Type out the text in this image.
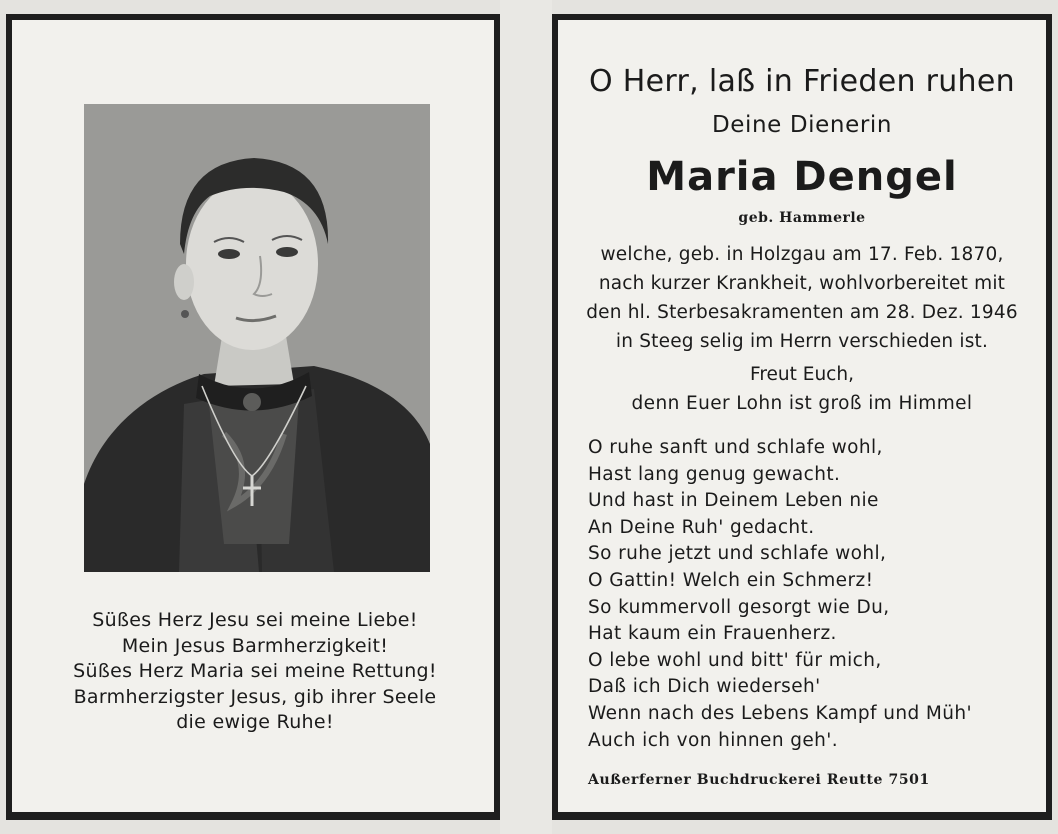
Süßes Herz Jesu sei meine Liebe!
Mein Jesus Barmherzigkeit!
Süßes Herz Maria sei meine Rettung!
Barmherzigster Jesus, gib ihrer Seele
die ewige Ruhe!
O Herr, laß in Frieden ruhen
Deine Dienerin
Maria Dengel
geb. Hammerle
welche, geb. in Holzgau am 17. Feb. 1870,
nach kurzer Krankheit, wohlvorbereitet mit
den hl. Sterbesakramenten am 28. Dez. 1946
in Steeg selig im Herrn verschieden ist.
Freut Euch,
denn Euer Lohn ist groß im Himmel
O ruhe sanft und schlafe wohl,
Hast lang genug gewacht.
Und hast in Deinem Leben nie
An Deine Ruh' gedacht.
So ruhe jetzt und schlafe wohl,
O Gattin! Welch ein Schmerz!
So kummervoll gesorgt wie Du,
Hat kaum ein Frauenherz.
O lebe wohl und bitt' für mich,
Daß ich Dich wiederseh'
Wenn nach des Lebens Kampf und Müh'
Auch ich von hinnen geh'.
Außerferner Buchdruckerei Reutte 7501
